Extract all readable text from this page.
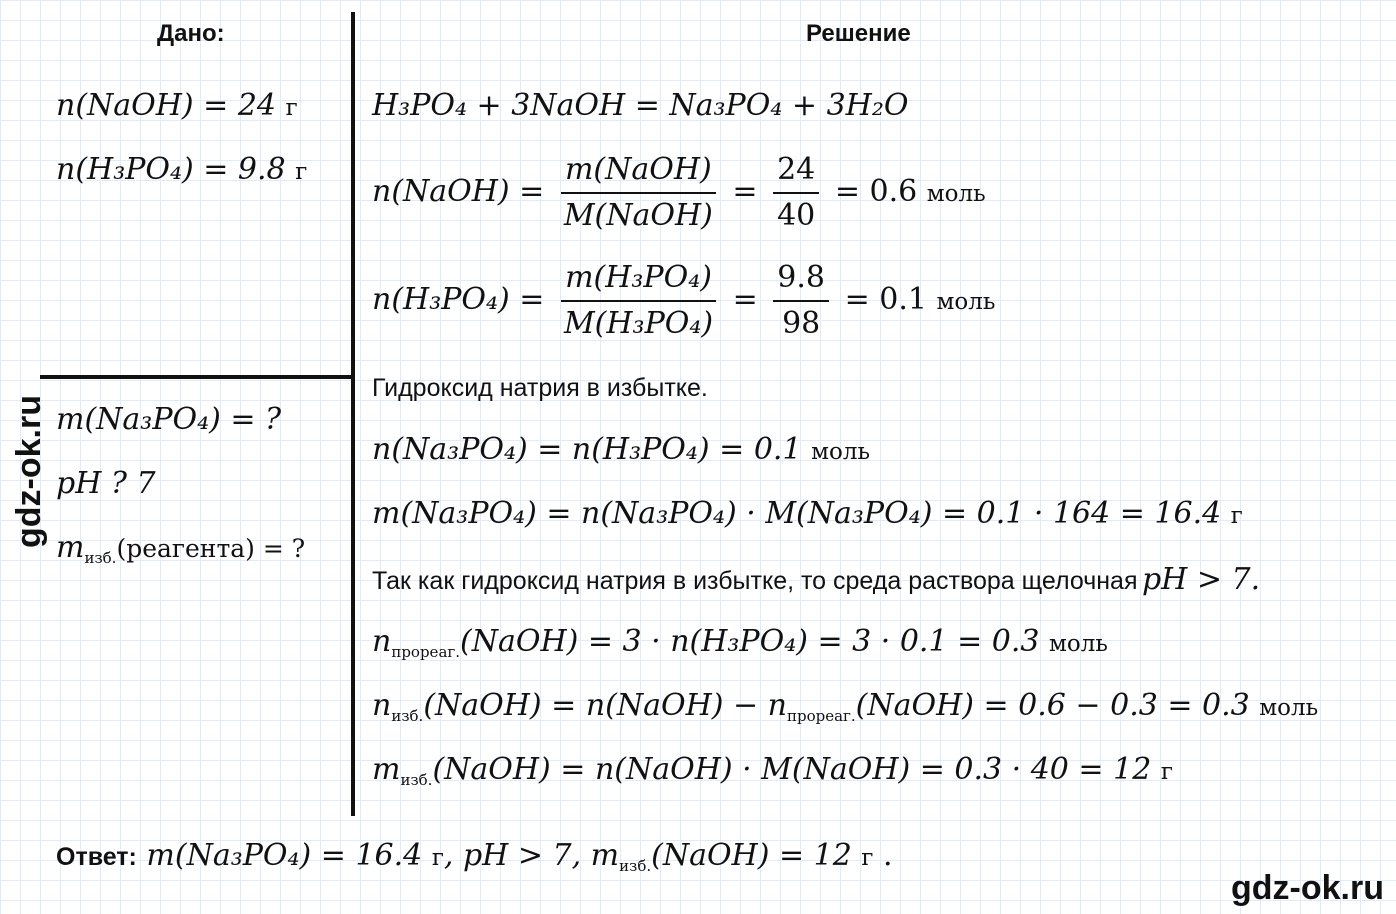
Дано:	Решение
n(NaOH) = 24 г
n(H₃PO₄) = 9.8 г
m(Na₃PO₄) = ?
pH ? 7
$m_{изб.}(реагента)$ = ?
H₃PO₄ + 3NaOH = Na₃PO₄ + 3H₂O
n(NaOH) = $\frac{\text{m(NaOH)}}{\text{M(NaOH)}} = \frac{24}{40} = 0.6$ моль
$n(H_3PO_4) = \frac{\text{m(H₃PO₄)}}{\text{M(H₃PO₄)}} = \frac{9.8}{98} = 0.1$ моль
Гидроксид натрия в избытке.
n(Na₃PO₄) = n(H₃PO₄) = 0.1 моль
m(Na₃PO₄) = n(Na₃PO₄) · M(Na₃PO₄) = 0.1 · 164 = 16.4 г
Так как гидроксид натрия в избытке, то среда раствора щелочная pH > 7.
$n_{прореаг.}(NaOH) = 3 \cdot n(H_3PO_4) = 3 \cdot 0.1 = 0.3$ моль
$n_{изб.}(NaOH)$ = n(NaOH) − $n_{прореаг.}(NaOH) = 0.6 - 0.3 = 0.3$ моль
$m_{изб.}(NaOH)$ = n(NaOH) · M(NaOH) = 0.3 · 40 = 12 г
Ответ: m(Na₃PO₄) = 16.4 г, pH > 7, $m_{изб.}(NaOH) = 12$ г .
gdz-ok.ru
gdz-ok.ru
